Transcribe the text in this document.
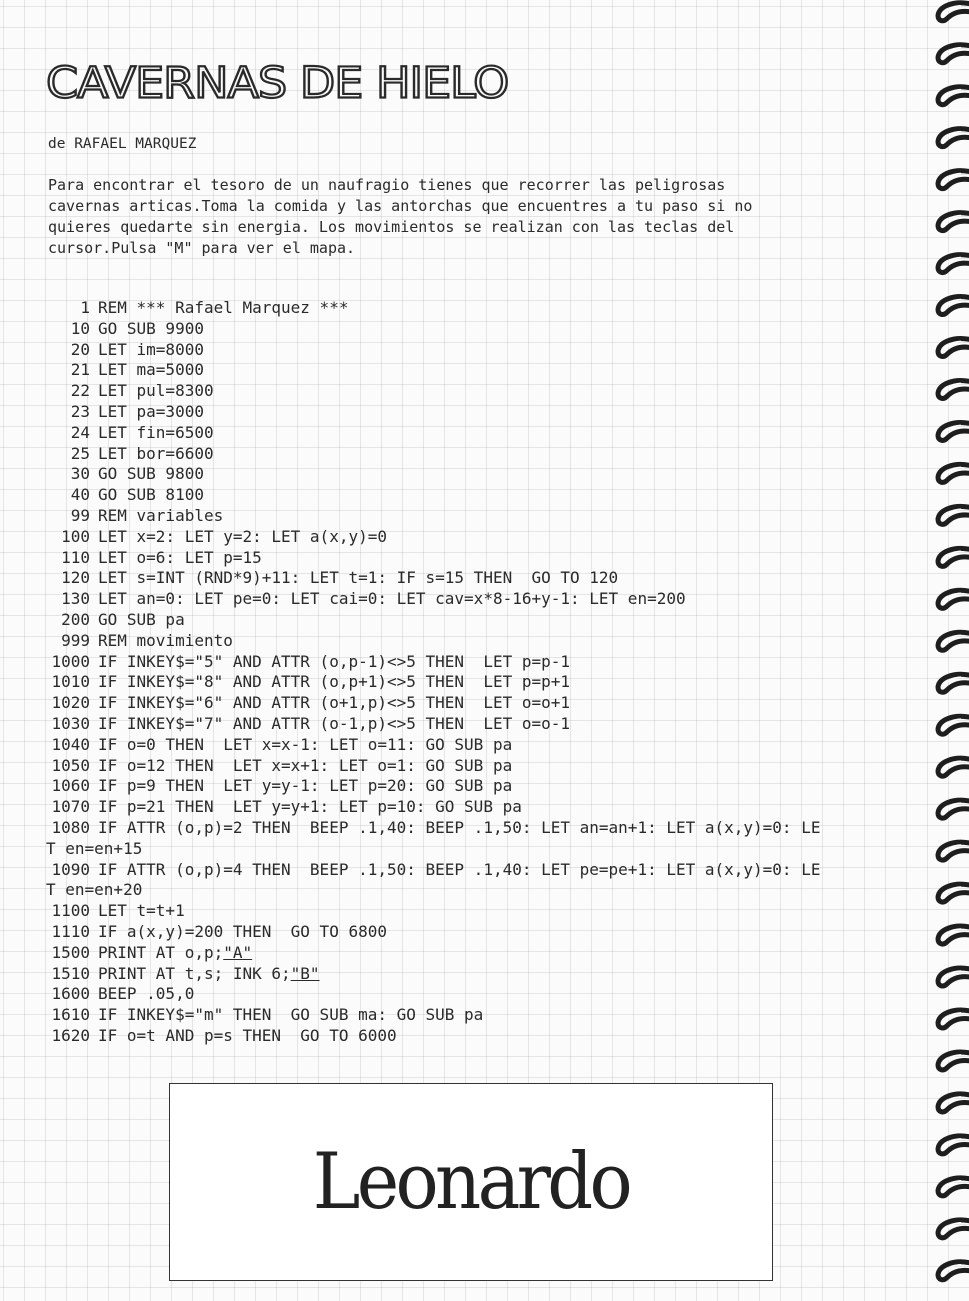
CAVERNAS DE HIELO
de RAFAEL MARQUEZ

Para encontrar el tesoro de un naufragio tienes que recorrer las peligrosas

cavernas articas.Toma la comida y las antorchas que encuentres a tu paso si no

quieres quedarte sin energia. Los movimientos se realizan con las teclas del

cursor.Pulsa "M" para ver el mapa.

1 REM *** Rafael Marquez ***
10 GO SUB 9900
20 LET im=8000
21 LET ma=5000
22 LET pul=8300
23 LET pa=3000
24 LET fin=6500
25 LET bor=6600
30 GO SUB 9800
40 GO SUB 8100
99 REM variables
100 LET x=2: LET y=2: LET a(x,y)=0
110 LET o=6: LET p=15
120 LET s=INT (RND*9)+11: LET t=1: IF s=15 THEN  GO TO 120
130 LET an=0: LET pe=0: LET cai=0: LET cav=x*8-16+y-1: LET en=200
200 GO SUB pa
999 REM movimiento
1000 IF INKEY$="5" AND ATTR (o,p-1)<>5 THEN  LET p=p-1
1010 IF INKEY$="8" AND ATTR (o,p+1)<>5 THEN  LET p=p+1
1020 IF INKEY$="6" AND ATTR (o+1,p)<>5 THEN  LET o=o+1
1030 IF INKEY$="7" AND ATTR (o-1,p)<>5 THEN  LET o=o-1
1040 IF o=0 THEN  LET x=x-1: LET o=11: GO SUB pa
1050 IF o=12 THEN  LET x=x+1: LET o=1: GO SUB pa
1060 IF p=9 THEN  LET y=y-1: LET p=20: GO SUB pa
1070 IF p=21 THEN  LET y=y+1: LET p=10: GO SUB pa
1080 IF ATTR (o,p)=2 THEN  BEEP .1,40: BEEP .1,50: LET an=an+1: LET a(x,y)=0: LE
T en=en+15
1090 IF ATTR (o,p)=4 THEN  BEEP .1,50: BEEP .1,40: LET pe=pe+1: LET a(x,y)=0: LE
T en=en+20
1100 LET t=t+1
1110 IF a(x,y)=200 THEN  GO TO 6800
1500 PRINT AT o,p;"A"
1510 PRINT AT t,s; INK 6;"B"
1600 BEEP .05,0
1610 IF INKEY$="m" THEN  GO SUB ma: GO SUB pa
1620 IF o=t AND p=s THEN  GO TO 6000
Leonardo
